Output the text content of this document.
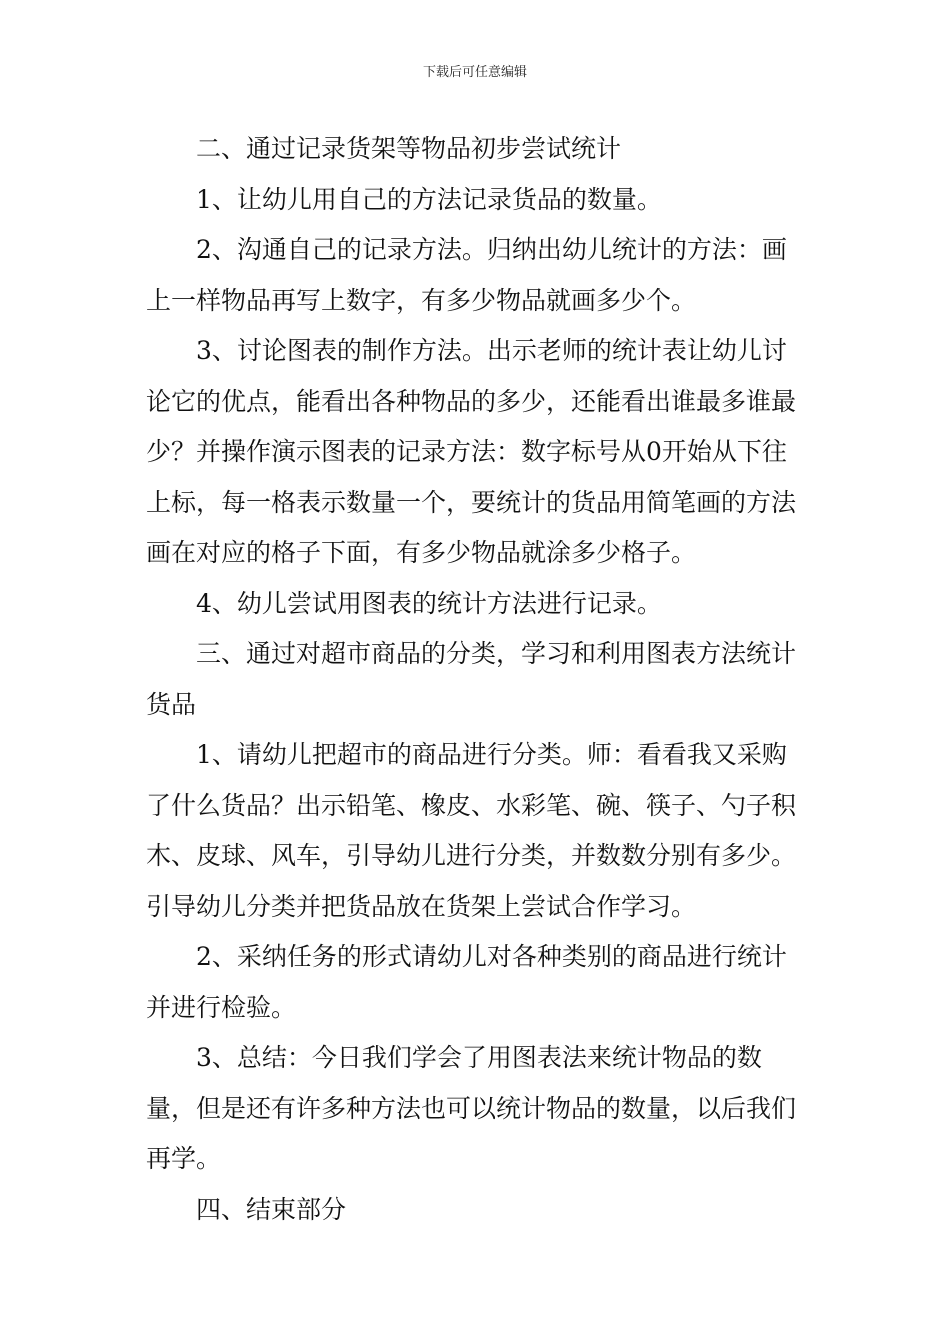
下载后可任意编辑

二、通过记录货架等物品初步尝试统计

1、让幼儿用自己的方法记录货品的数量。

2、沟通自己的记录方法。归纳出幼儿统计的方法：画上一样物品再写上数字，有多少物品就画多少个。

3、讨论图表的制作方法。出示老师的统计表让幼儿讨论它的优点，能看出各种物品的多少，还能看出谁最多谁最少？并操作演示图表的记录方法：数字标号从0开始从下往上标，每一格表示数量一个，要统计的货品用简笔画的方法画在对应的格子下面，有多少物品就涂多少格子。

4、幼儿尝试用图表的统计方法进行记录。

三、通过对超市商品的分类，学习和利用图表方法统计货品

1、请幼儿把超市的商品进行分类。师：看看我又采购了什么货品？出示铅笔、橡皮、水彩笔、碗、筷子、勺子积木、皮球、风车，引导幼儿进行分类，并数数分别有多少。引导幼儿分类并把货品放在货架上尝试合作学习。

2、采纳任务的形式请幼儿对各种类别的商品进行统计并进行检验。

3、总结：今日我们学会了用图表法来统计物品的数量，但是还有许多种方法也可以统计物品的数量，以后我们再学。

四、结束部分
